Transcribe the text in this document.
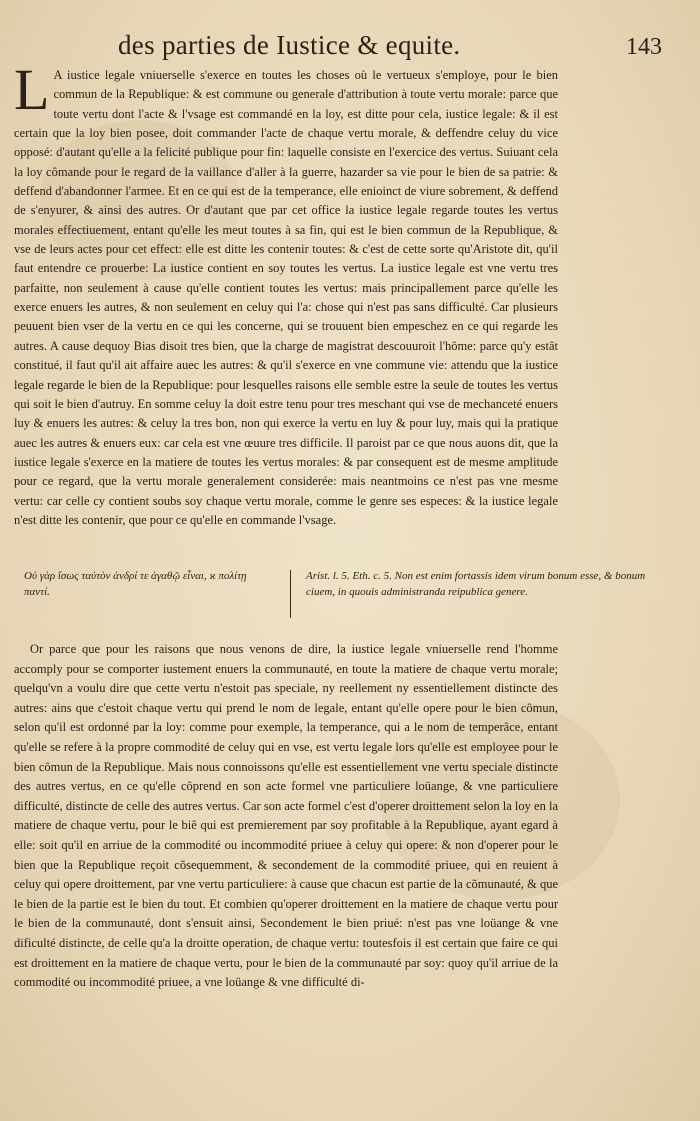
des parties de Iustice & equite.	143

L A iustice legale vniuerselle s'exerce en toutes les choses où le vertueux s'employe, pour le bien commun de la Republique: & est commune ou generale d'attribution à toute vertu morale: parce que toute vertu dont l'acte & l'vsage est commandé en la loy, est ditte pour cela, iustice legale: & il est certain que la loy bien posee, doit commander l'acte de chaque vertu morale, & deffendre celuy du vice opposé: d'autant qu'elle a la felicité publique pour fin: laquelle consiste en l'exercice des vertus. Suiuant cela la loy cômande pour le regard de la vaillance d'aller à la guerre, hazarder sa vie pour le bien de sa patrie: & deffend d'abandonner l'armee. Et en ce qui est de la temperance, elle enioinct de viure sobrement, & deffend de s'enyurer, & ainsi des autres. Or d'autant que par cet office la iustice legale regarde toutes les vertus morales effectiuement, entant qu'elle les meut toutes à sa fin, qui est le bien commun de la Republique, & vse de leurs actes pour cet effect: elle est ditte les contenir toutes: & c'est de cette sorte qu'Aristote dit, qu'il faut entendre ce prouerbe: La iustice contient en soy toutes les vertus. La iustice legale est vne vertu tres parfaitte, non seulement à cause qu'elle contient toutes les vertus: mais principallement parce qu'elle les exerce enuers les autres, & non seulement en celuy qui l'a: chose qui n'est pas sans difficulté. Car plusieurs peuuent bien vser de la vertu en ce qui les concerne, qui se trouuent bien empeschez en ce qui regarde les autres. A cause dequoy Bias disoit tres bien, que la charge de magistrat descouuroit l'hôme: parce qu'y estât constitué, il faut qu'il ait affaire auec les autres: & qu'il s'exerce en vne commune vie: attendu que la iustice legale regarde le bien de la Republique: pour lesquelles raisons elle semble estre la seule de toutes les vertus qui soit le bien d'autruy. En somme celuy la doit estre tenu pour tres meschant qui vse de mechanceté enuers luy & enuers les autres: & celuy la tres bon, non qui exerce la vertu en luy & pour luy, mais qui la pratique auec les autres & enuers eux: car cela est vne œuure tres difficile. Il paroist par ce que nous auons dit, que la iustice legale s'exerce en la matiere de toutes les vertus morales: & par consequent est de mesme amplitude pour ce regard, que la vertu morale generalement considerée: mais neantmoins ce n'est pas vne mesme vertu: car celle cy contient soubs soy chaque vertu morale, comme le genre ses especes: & la iustice legale n'est ditte les contenir, que pour ce qu'elle en commande l'vsage.

Οὐ γὰρ ἴσως ταὐτὸν ἀνδρί τε ἀγαθῷ εἶναι, ϰ πολίτῃ παντί.
Arist. l. 5. Eth. c. 5. Non est enim fortassis idem virum bonum esse, & bonum ciuem, in quouis administranda reipublica genere.
Or parce que pour les raisons que nous venons de dire, la iustice legale vniuerselle rend l'homme accomply pour se comporter iustement enuers la communauté, en toute la matiere de chaque vertu morale; quelqu'vn a voulu dire que cette vertu n'estoit pas speciale, ny reellement ny essentiellement distincte des autres: ains que c'estoit chaque vertu qui prend le nom de legale, entant qu'elle opere pour le bien cômun, selon qu'il est ordonné par la loy: comme pour exemple, la temperance, qui a le nom de temperâce, entant qu'elle se refere à la propre commodité de celuy qui en vse, est vertu legale lors qu'elle est employee pour le bien cômun de la Republique. Mais nous connoissons qu'elle est essentiellement vne vertu speciale distincte des autres vertus, en ce qu'elle côprend en son acte formel vne particuliere loüange, & vne particuliere difficulté, distincte de celle des autres vertus. Car son acte formel c'est d'operer droittement selon la loy en la matiere de chaque vertu, pour le biê qui est premierement par soy profitable à la Republique, ayant egard à elle: soit qu'il en arriue de la commodité ou incommodité priuee à celuy qui opere: & non d'operer pour le bien que la Republique reçoit cõsequemment, & secondement de la commodité priuee, qui en reuient à celuy qui opere droittement, par vne vertu particuliere: à cause que chacun est partie de la cõmunauté, & que le bien de la partie est le bien du tout. Et combien qu'operer droittement en la matiere de chaque vertu pour le bien de la communauté, dont s'ensuit ainsi, Secondement le bien priué: n'est pas vne loüange & vne dificulté distincte, de celle qu'a la droitte operation, de chaque vertu: toutesfois il est certain que faire ce qui est droittement en la matiere de chaque vertu, pour le bien de la communauté par soy: quoy qu'il arriue de la commodité ou incommodité priuee, a vne loüange & vne difficulté di-
